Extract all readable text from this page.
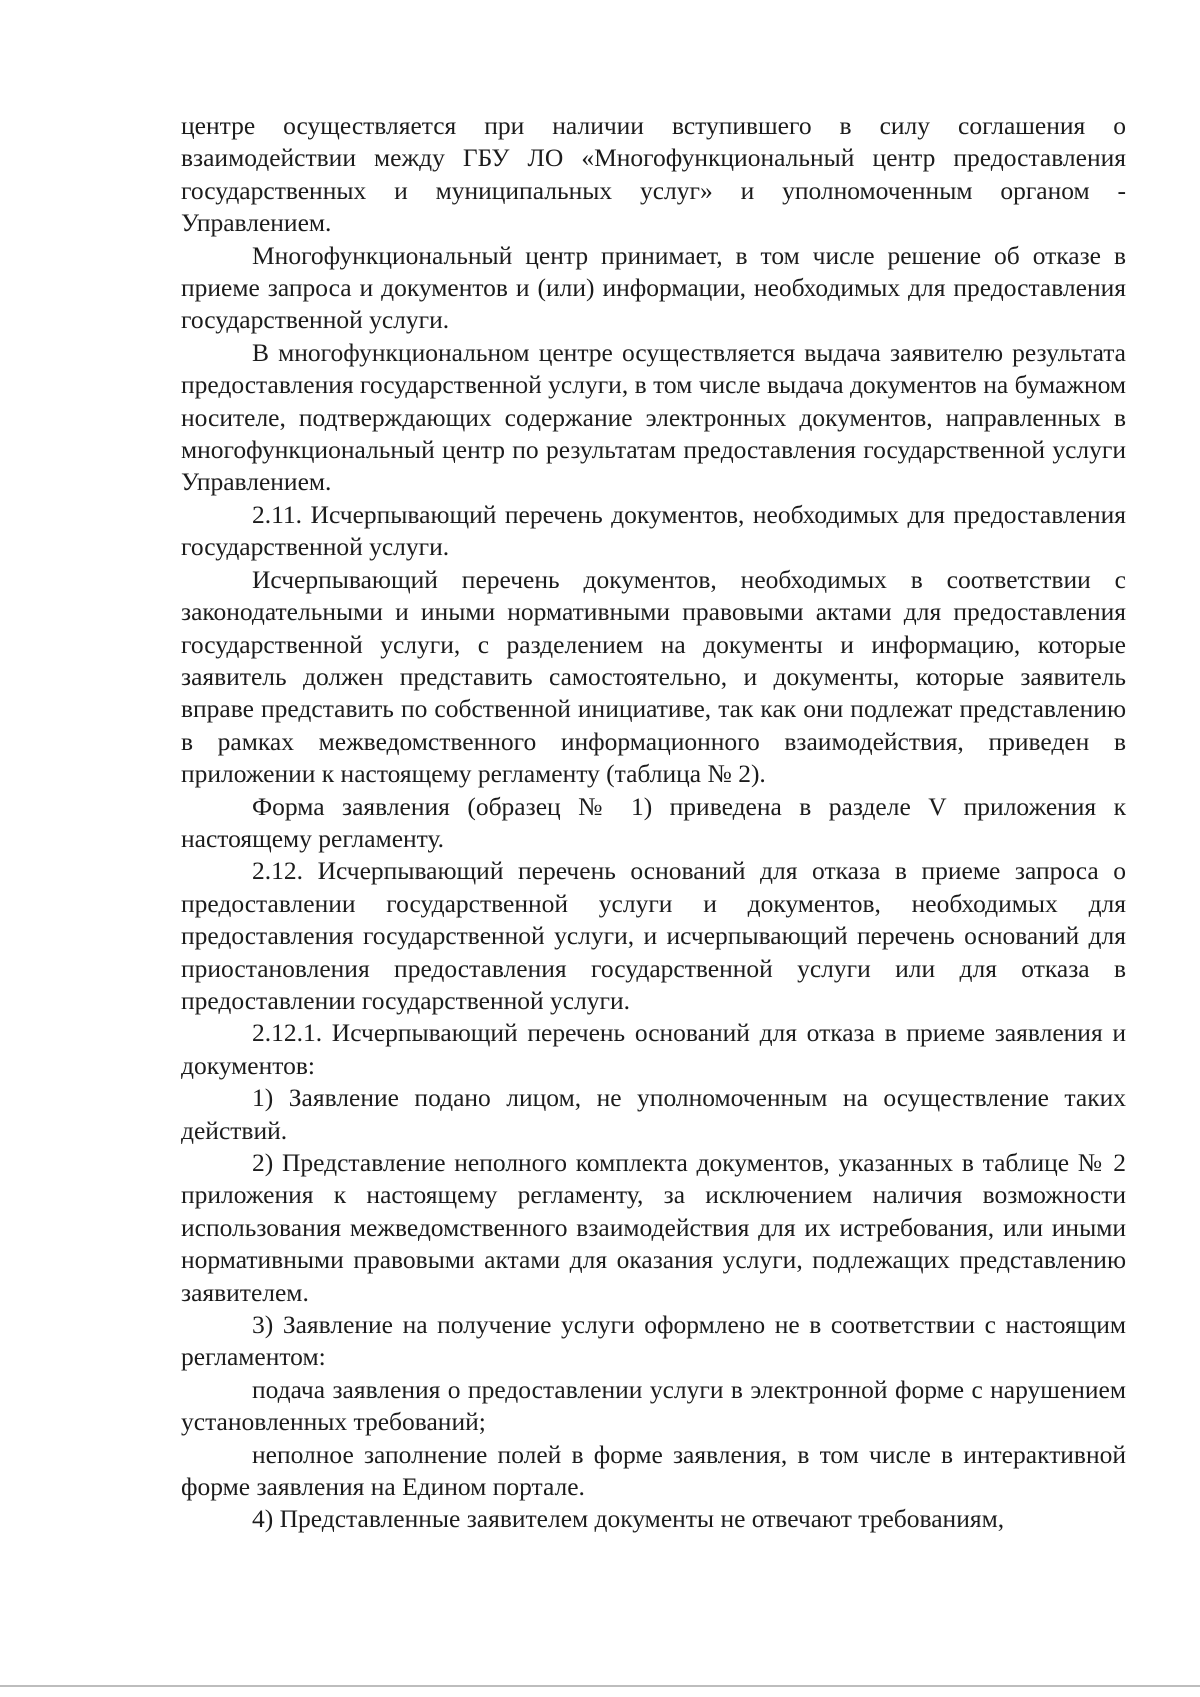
центре осуществляется при наличии вступившего в силу соглашения о взаимодействии между ГБУ ЛО «Многофункциональный центр предоставления государственных и муниципальных услуг» и уполномоченным органом - Управлением.

Многофункциональный центр принимает, в том числе решение об отказе в приеме запроса и документов и (или) информации, необходимых для предоставления государственной услуги.

В многофункциональном центре осуществляется выдача заявителю результата предоставления государственной услуги, в том числе выдача документов на бумажном носителе, подтверждающих содержание электронных документов, направленных в многофункциональный центр по результатам предоставления государственной услуги Управлением.

2.11. Исчерпывающий перечень документов, необходимых для предоставления государственной услуги.

Исчерпывающий перечень документов, необходимых в соответствии с законодательными и иными нормативными правовыми актами для предоставления государственной услуги, с разделением на документы и информацию, которые заявитель должен представить самостоятельно, и документы, которые заявитель вправе представить по собственной инициативе, так как они подлежат представлению в рамках межведомственного информационного взаимодействия, приведен в приложении к настоящему регламенту (таблица № 2).

Форма заявления (образец № 1) приведена в разделе V приложения к настоящему регламенту.

2.12. Исчерпывающий перечень оснований для отказа в приеме запроса о предоставлении государственной услуги и документов, необходимых для предоставления государственной услуги, и исчерпывающий перечень оснований для приостановления предоставления государственной услуги или для отказа в предоставлении государственной услуги.

2.12.1. Исчерпывающий перечень оснований для отказа в приеме заявления и документов:

1) Заявление подано лицом, не уполномоченным на осуществление таких действий.

2) Представление неполного комплекта документов, указанных в таблице № 2 приложения к настоящему регламенту, за исключением наличия возможности использования межведомственного взаимодействия для их истребования, или иными нормативными правовыми актами для оказания услуги, подлежащих представлению заявителем.

3) Заявление на получение услуги оформлено не в соответствии с настоящим регламентом:

подача заявления о предоставлении услуги в электронной форме с нарушением установленных требований;

неполное заполнение полей в форме заявления, в том числе в интерактивной форме заявления на Едином портале.

4) Представленные заявителем документы не отвечают требованиям,
